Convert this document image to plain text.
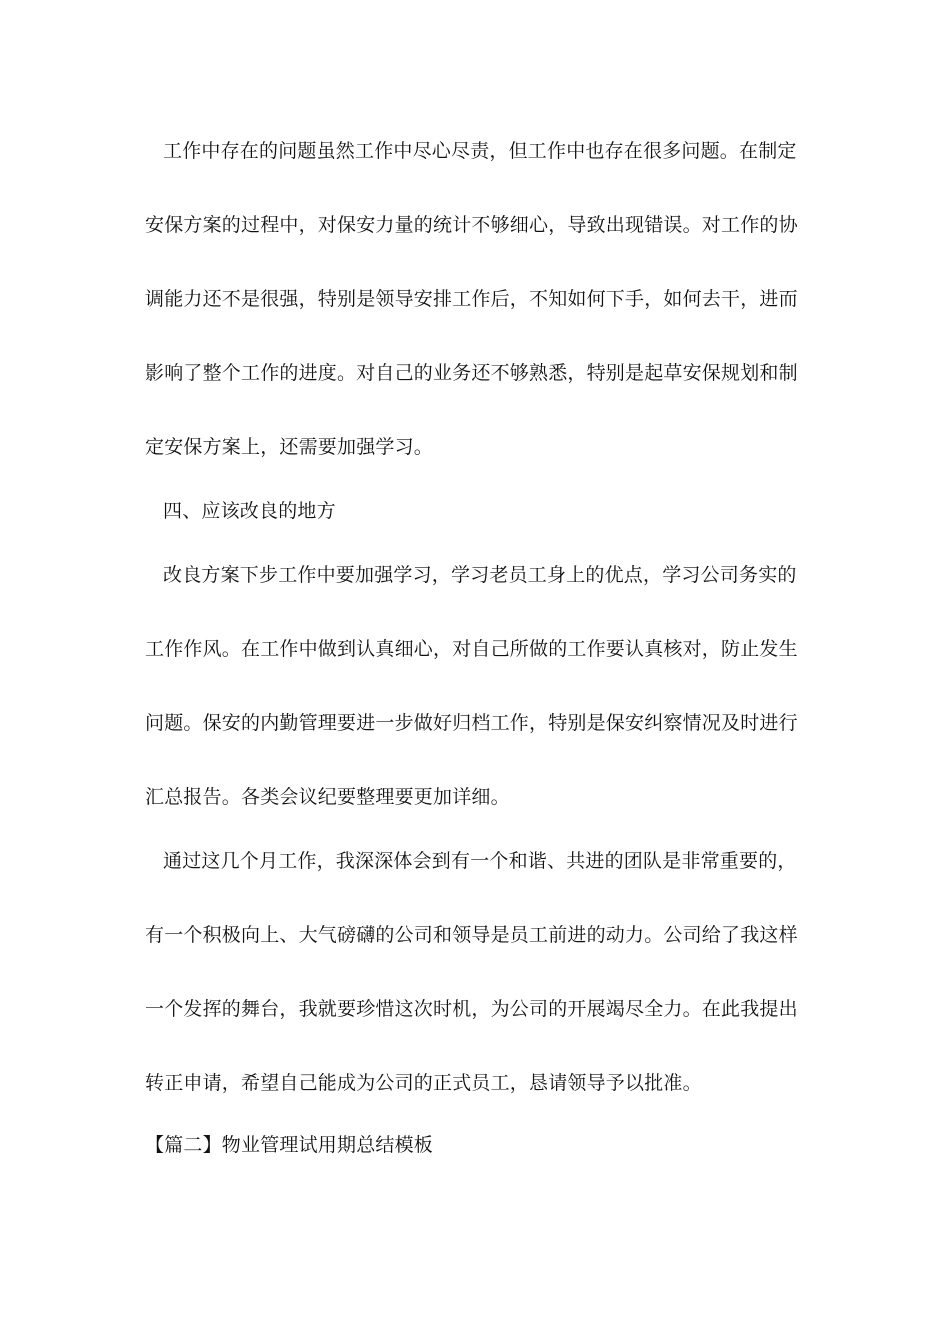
工作中存在的问题虽然工作中尽心尽责，但工作中也存在很多问题。在制定
安保方案的过程中，对保安力量的统计不够细心，导致出现错误。对工作的协
调能力还不是很强，特别是领导安排工作后，不知如何下手，如何去干，进而
影响了整个工作的进度。对自己的业务还不够熟悉，特别是起草安保规划和制
定安保方案上，还需要加强学习。
四、应该改良的地方
改良方案下步工作中要加强学习，学习老员工身上的优点，学习公司务实的
工作作风。在工作中做到认真细心，对自己所做的工作要认真核对，防止发生
问题。保安的内勤管理要进一步做好归档工作，特别是保安纠察情况及时进行
汇总报告。各类会议纪要整理要更加详细。
通过这几个月工作，我深深体会到有一个和谐、共进的团队是非常重要的，
有一个积极向上、大气磅礴的公司和领导是员工前进的动力。公司给了我这样
一个发挥的舞台，我就要珍惜这次时机，为公司的开展竭尽全力。在此我提出
转正申请，希望自己能成为公司的正式员工，恳请领导予以批准。
【篇二】物业管理试用期总结模板
